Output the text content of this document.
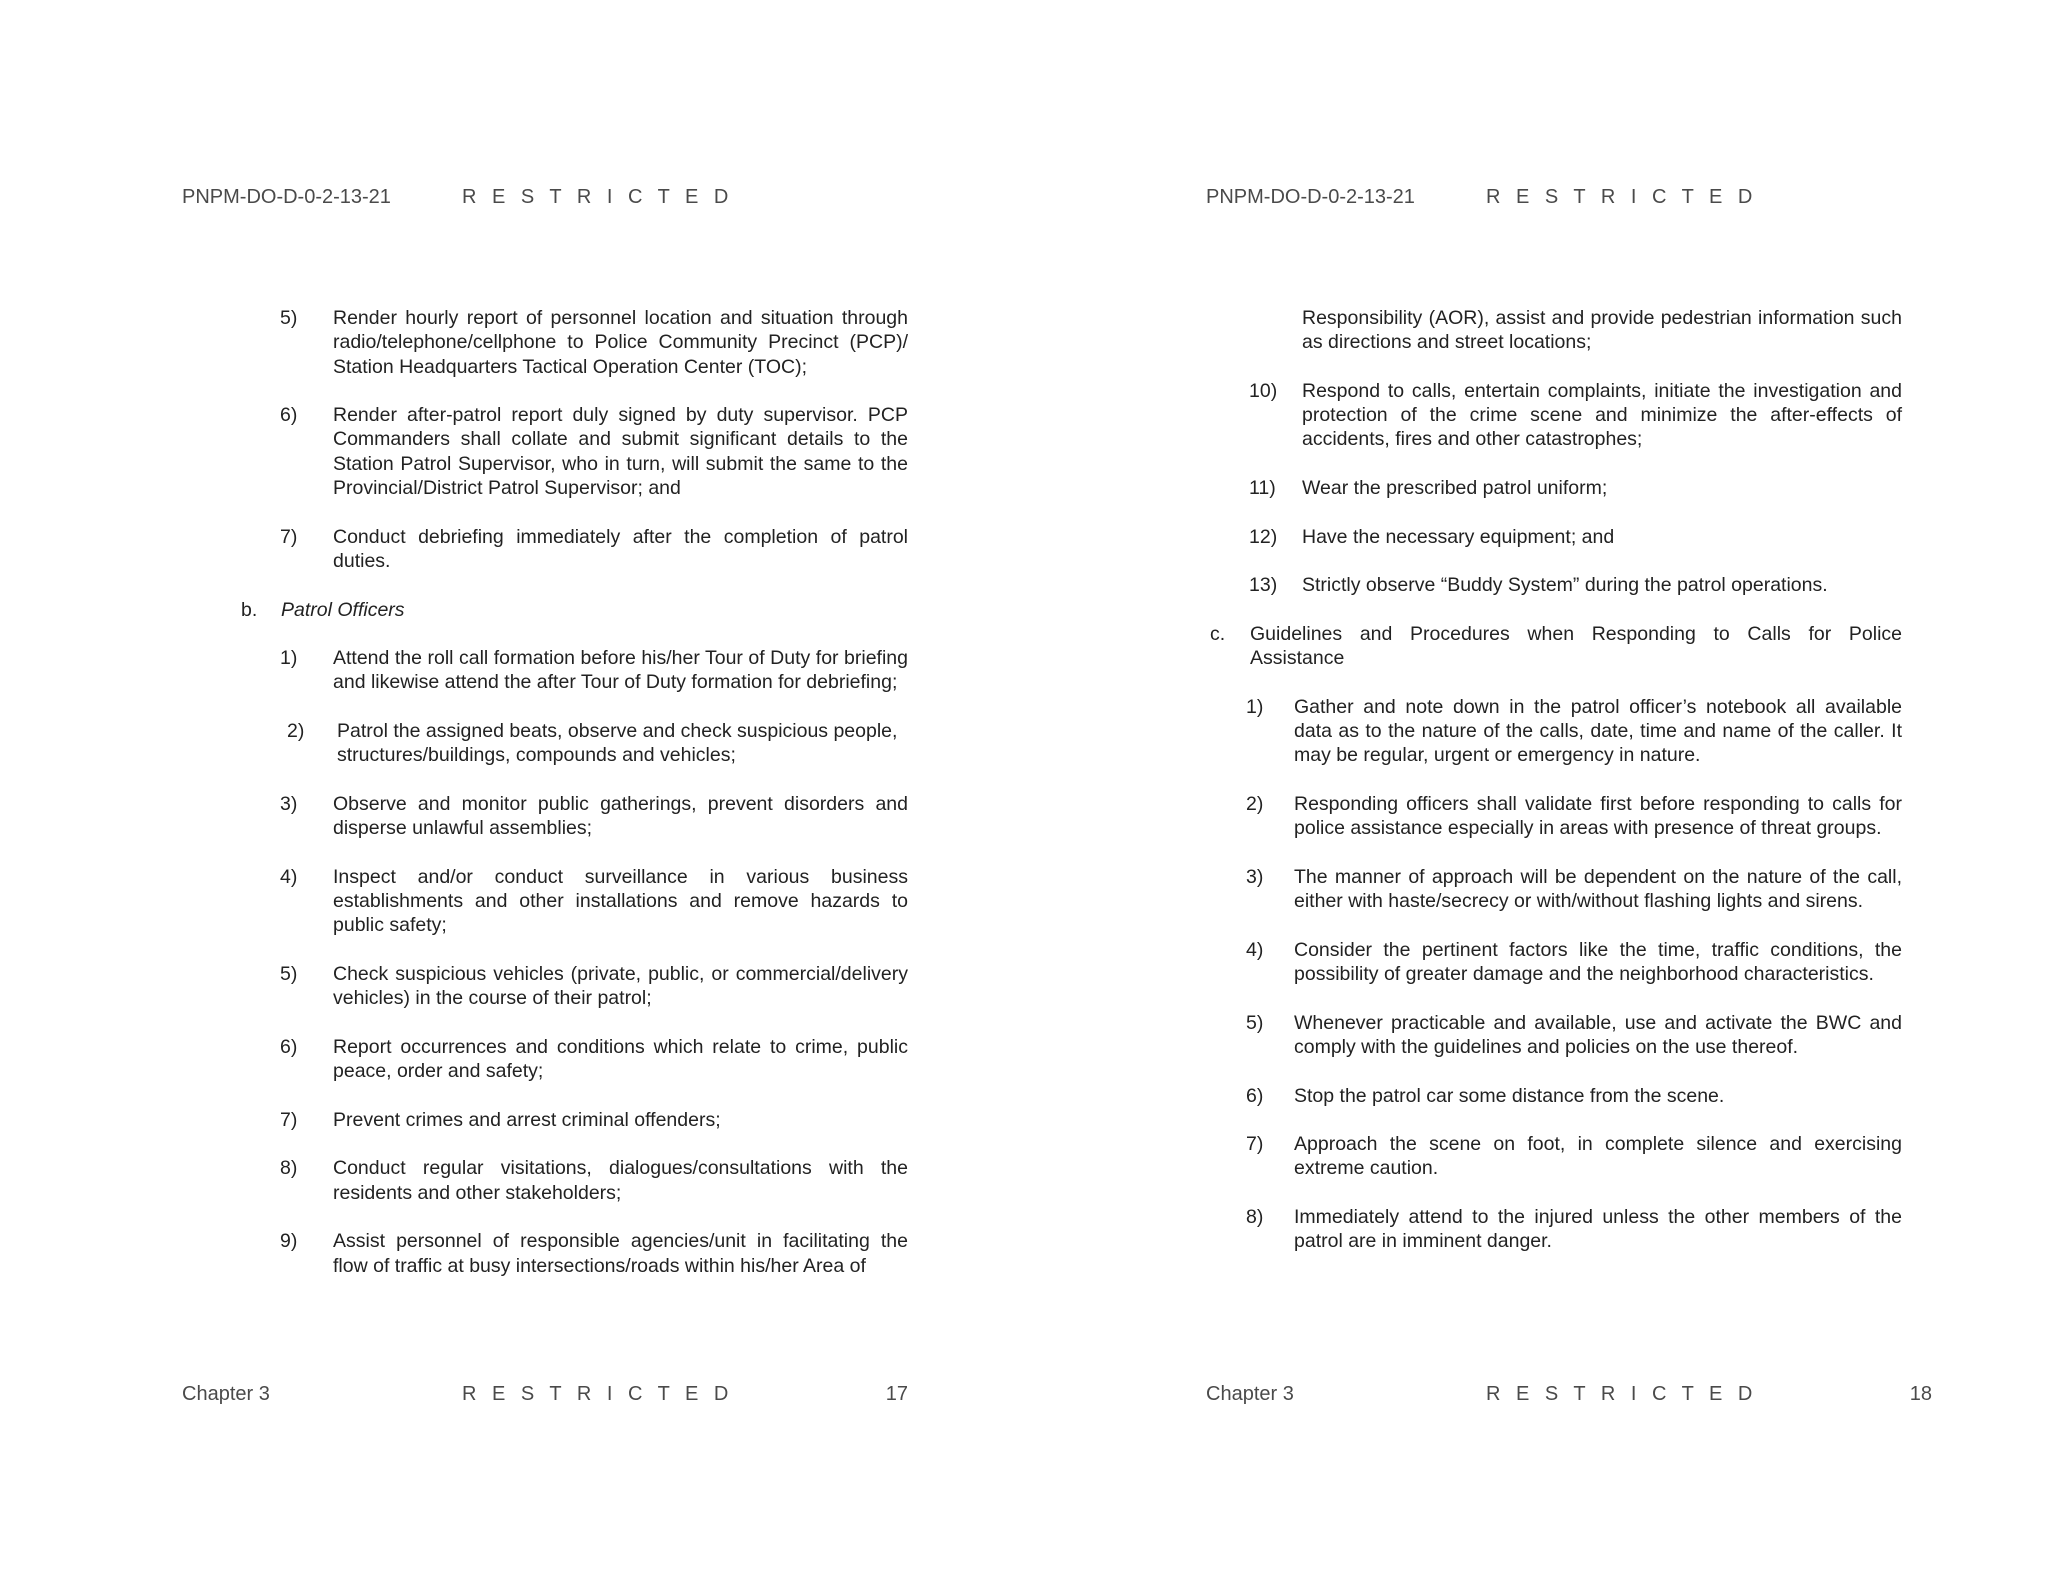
PNPM-DO-D-0-2-13-21	R E S T R I C T E D
5) Render hourly report of personnel location and situation through radio/telephone/cellphone to Police Community Precinct (PCP)/ Station Headquarters Tactical Operation Center (TOC);
6) Render after-patrol report duly signed by duty supervisor. PCP Commanders shall collate and submit significant details to the Station Patrol Supervisor, who in turn, will submit the same to the Provincial/District Patrol Supervisor; and
7) Conduct debriefing immediately after the completion of patrol duties.
b. Patrol Officers
1) Attend the roll call formation before his/her Tour of Duty for briefing and likewise attend the after Tour of Duty formation for debriefing;
2) Patrol the assigned beats, observe and check suspicious people, structures/buildings, compounds and vehicles;
3) Observe and monitor public gatherings, prevent disorders and disperse unlawful assemblies;
4) Inspect and/or conduct surveillance in various business establishments and other installations and remove hazards to public safety;
5) Check suspicious vehicles (private, public, or commercial/delivery vehicles) in the course of their patrol;
6) Report occurrences and conditions which relate to crime, public peace, order and safety;
7) Prevent crimes and arrest criminal offenders;
8) Conduct regular visitations, dialogues/consultations with the residents and other stakeholders;
9) Assist personnel of responsible agencies/unit in facilitating the flow of traffic at busy intersections/roads within his/her Area of
Chapter 3	R E S T R I C T E D	17
PNPM-DO-D-0-2-13-21	R E S T R I C T E D
Responsibility (AOR), assist and provide pedestrian information such as directions and street locations;
10) Respond to calls, entertain complaints, initiate the investigation and protection of the crime scene and minimize the after-effects of accidents, fires and other catastrophes;
11) Wear the prescribed patrol uniform;
12) Have the necessary equipment; and
13) Strictly observe “Buddy System” during the patrol operations.
c. Guidelines and Procedures when Responding to Calls for Police Assistance
1) Gather and note down in the patrol officer’s notebook all available data as to the nature of the calls, date, time and name of the caller. It may be regular, urgent or emergency in nature.
2) Responding officers shall validate first before responding to calls for police assistance especially in areas with presence of threat groups.
3) The manner of approach will be dependent on the nature of the call, either with haste/secrecy or with/without flashing lights and sirens.
4) Consider the pertinent factors like the time, traffic conditions, the possibility of greater damage and the neighborhood characteristics.
5) Whenever practicable and available, use and activate the BWC and comply with the guidelines and policies on the use thereof.
6) Stop the patrol car some distance from the scene.
7) Approach the scene on foot, in complete silence and exercising extreme caution.
8) Immediately attend to the injured unless the other members of the patrol are in imminent danger.
Chapter 3	R E S T R I C T E D	18
